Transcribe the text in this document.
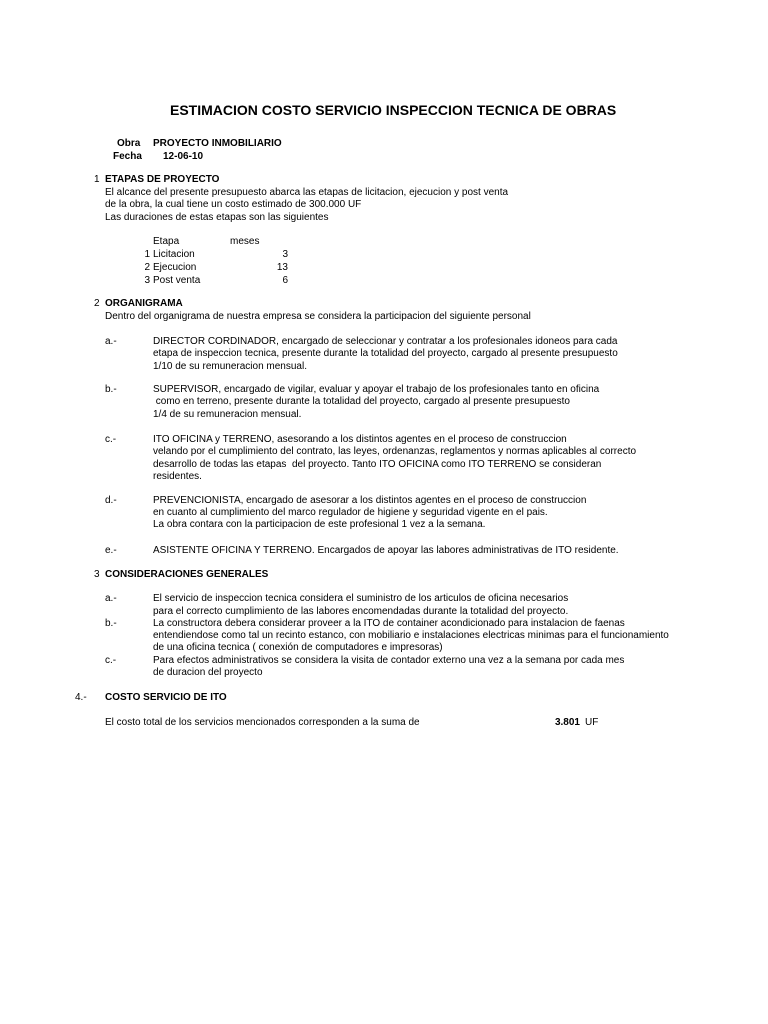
ESTIMACION COSTO SERVICIO INSPECCION TECNICA DE OBRAS
Obra PROYECTO INMOBILIARIO
Fecha 12-06-10
1 ETAPAS DE PROYECTO
El alcance del presente presupuesto abarca las etapas de licitacion, ejecucion y post venta
de la obra, la cual tiene un costo estimado de 300.000 UF
Las duraciones de estas etapas son las siguientes
Etapa	meses
1 Licitacion	3
2 Ejecucion	13
3 Post venta	6
2 ORGANIGRAMA
Dentro del organigrama de nuestra empresa se considera la participacion del siguiente personal
a.-	DIRECTOR CORDINADOR, encargado de seleccionar y contratar a los profesionales idoneos para cada
etapa de inspeccion tecnica, presente durante la totalidad del proyecto, cargado al presente presupuesto
1/10 de su remuneracion mensual.
b.-	SUPERVISOR, encargado de vigilar, evaluar y apoyar el trabajo de los profesionales tanto en oficina
como en terreno, presente durante la totalidad del proyecto, cargado al presente presupuesto
1/4 de su remuneracion mensual.
c.-	ITO OFICINA y TERRENO, asesorando a los distintos agentes en el proceso de construccion
velando por el cumplimiento del contrato, las leyes, ordenanzas, reglamentos y normas aplicables al correcto
desarrollo de todas las etapas  del proyecto. Tanto ITO OFICINA como ITO TERRENO se consideran
residentes.
d.-	PREVENCIONISTA, encargado de asesorar a los distintos agentes en el proceso de construccion
en cuanto al cumplimiento del marco regulador de higiene y seguridad vigente en el pais.
La obra contara con la participacion de este profesional 1 vez a la semana.
e.-	ASISTENTE OFICINA Y TERRENO. Encargados de apoyar las labores administrativas de ITO residente.
3 CONSIDERACIONES GENERALES
a.-	El servicio de inspeccion tecnica considera el suministro de los articulos de oficina necesarios
para el correcto cumplimiento de las labores encomendadas durante la totalidad del proyecto.
b.-	La constructora debera considerar proveer a la ITO de container acondicionado para instalacion de faenas
entendiendose como tal un recinto estanco, con mobiliario e instalaciones electricas minimas para el funcionamiento
de una oficina tecnica ( conexión de computadores e impresoras)
c.-	Para efectos administrativos se considera la visita de contador externo una vez a la semana por cada mes
de duracion del proyecto
4.- COSTO SERVICIO DE ITO
El costo total de los servicios mencionados corresponden a la suma de	3.801 UF
